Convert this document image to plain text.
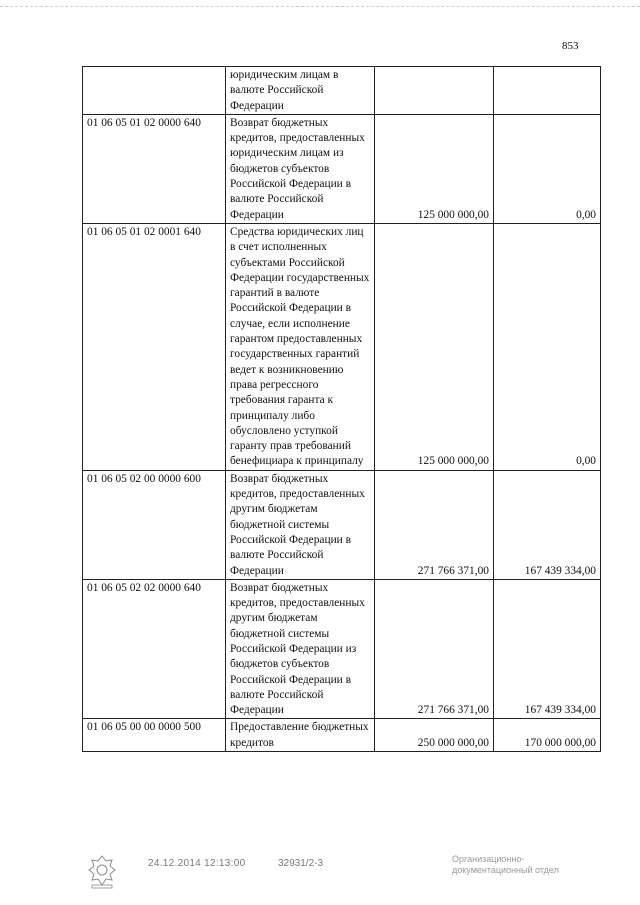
853
	юридическим лицам в валюте Российской Федерации		
01 06 05 01 02 0000 640	Возврат бюджетных кредитов, предоставленных юридическим лицам из бюджетов субъектов Российской Федерации в валюте Российской Федерации	125 000 000,00	0,00
01 06 05 01 02 0001 640	Средства юридических лиц в счет исполненных субъектами Российской Федерации государственных гарантий в валюте Российской Федерации в случае, если исполнение гарантом предоставленных государственных гарантий ведет к возникновению права регрессного требования гаранта к принципалу либо обусловлено уступкой гаранту прав требований бенефициара к принципалу	125 000 000,00	0,00
01 06 05 02 00 0000 600	Возврат бюджетных кредитов, предоставленных другим бюджетам бюджетной системы Российской Федерации в валюте Российской Федерации	271 766 371,00	167 439 334,00
01 06 05 02 02 0000 640	Возврат бюджетных кредитов, предоставленных другим бюджетам бюджетной системы Российской Федерации из бюджетов субъектов Российской Федерации в валюте Российской Федерации	271 766 371,00	167 439 334,00
01 06 05 00 00 0000 500	Предоставление бюджетных кредитов	250 000 000,00	170 000 000,00
24.12.2014 12:13:00	32931/2-3	Организационно-
документационный отдел
